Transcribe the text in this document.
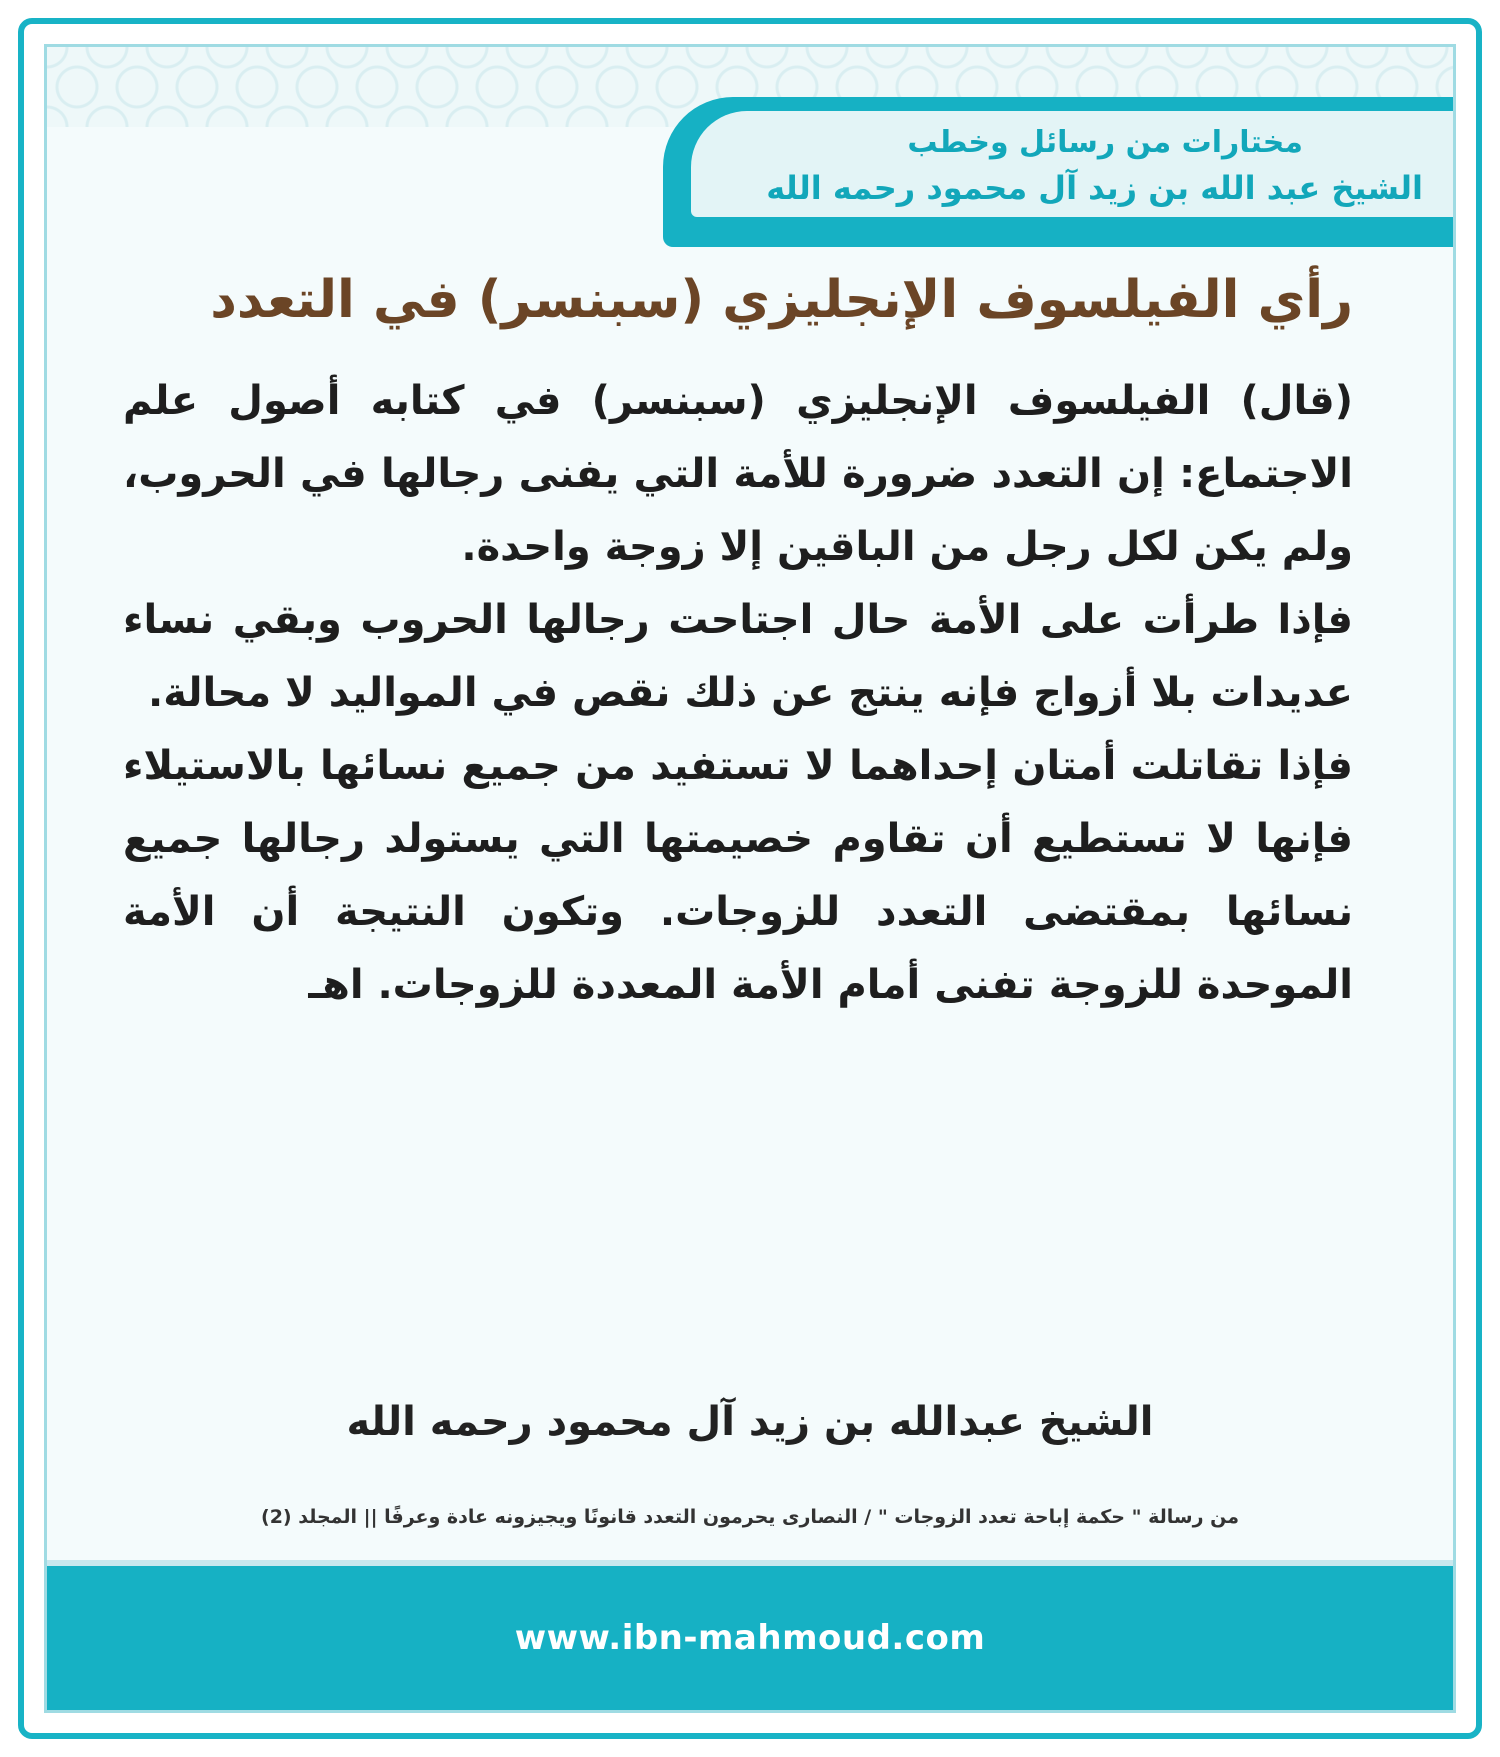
مختارات من رسائل وخطب
الشيخ عبد الله بن زيد آل محمود رحمه الله
رأي الفيلسوف الإنجليزي (سبنسر) في التعدد

(قال) الفيلسوف الإنجليزي (سبنسر) في كتابه أصول علم الاجتماع: إن التعدد ضرورة للأمة التي يفنى رجالها في الحروب، ولم يكن لكل رجل من الباقين إلا زوجة واحدة.

فإذا طرأت على الأمة حال اجتاحت رجالها الحروب وبقي نساء عديدات بلا أزواج فإنه ينتج عن ذلك نقص في المواليد لا محالة.

فإذا تقاتلت أمتان إحداهما لا تستفيد من جميع نسائها بالاستيلاء فإنها لا تستطيع أن تقاوم خصيمتها التي يستولد رجالها جميع نسائها بمقتضى التعدد للزوجات. وتكون النتيجة أن الأمة الموحدة للزوجة تفنى أمام الأمة المعددة للزوجات. اهـ

الشيخ عبدالله بن زيد آل محمود رحمه الله
من رسالة " حكمة إباحة تعدد الزوجات " / النصارى يحرمون التعدد قانونًا ويجيزونه عادة وعرفًا || المجلد (2)
www.ibn-mahmoud.com
